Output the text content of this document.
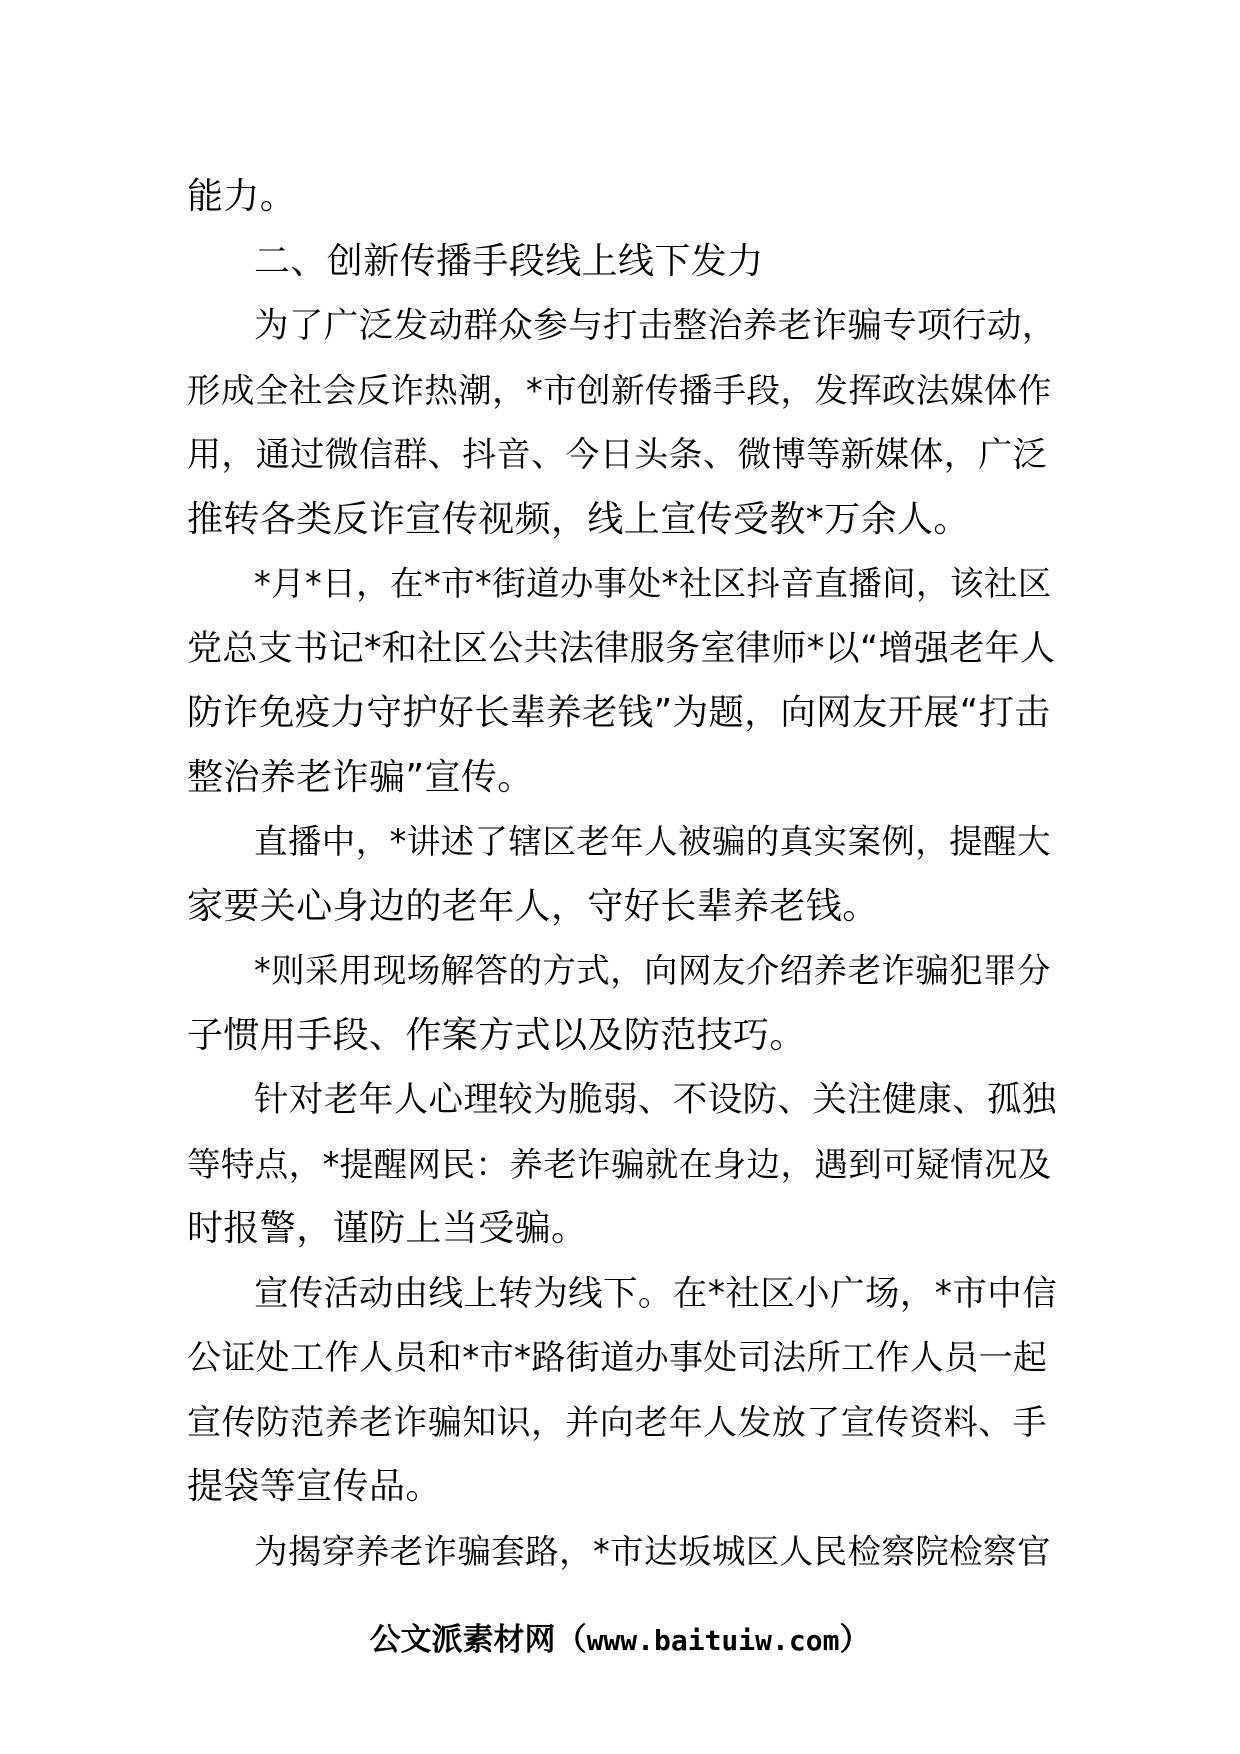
能力。
二、创新传播手段线上线下发力
为了广泛发动群众参与打击整治养老诈骗专项行动，
形成全社会反诈热潮，*市创新传播手段，发挥政法媒体作
用，通过微信群、抖音、今日头条、微博等新媒体，广泛
推转各类反诈宣传视频，线上宣传受教*万余人。
*月*日，在*市*街道办事处*社区抖音直播间，该社区
党总支书记*和社区公共法律服务室律师*以“增强老年人
防诈免疫力守护好长辈养老钱”为题，向网友开展“打击
整治养老诈骗”宣传。
直播中，*讲述了辖区老年人被骗的真实案例，提醒大
家要关心身边的老年人，守好长辈养老钱。
*则采用现场解答的方式，向网友介绍养老诈骗犯罪分
子惯用手段、作案方式以及防范技巧。
针对老年人心理较为脆弱、不设防、关注健康、孤独
等特点，*提醒网民：养老诈骗就在身边，遇到可疑情况及
时报警，谨防上当受骗。
宣传活动由线上转为线下。在*社区小广场，*市中信
公证处工作人员和*市*路街道办事处司法所工作人员一起
宣传防范养老诈骗知识，并向老年人发放了宣传资料、手
提袋等宣传品。
为揭穿养老诈骗套路，*市达坂城区人民检察院检察官
公文派素材网（www.baituiw.com）
